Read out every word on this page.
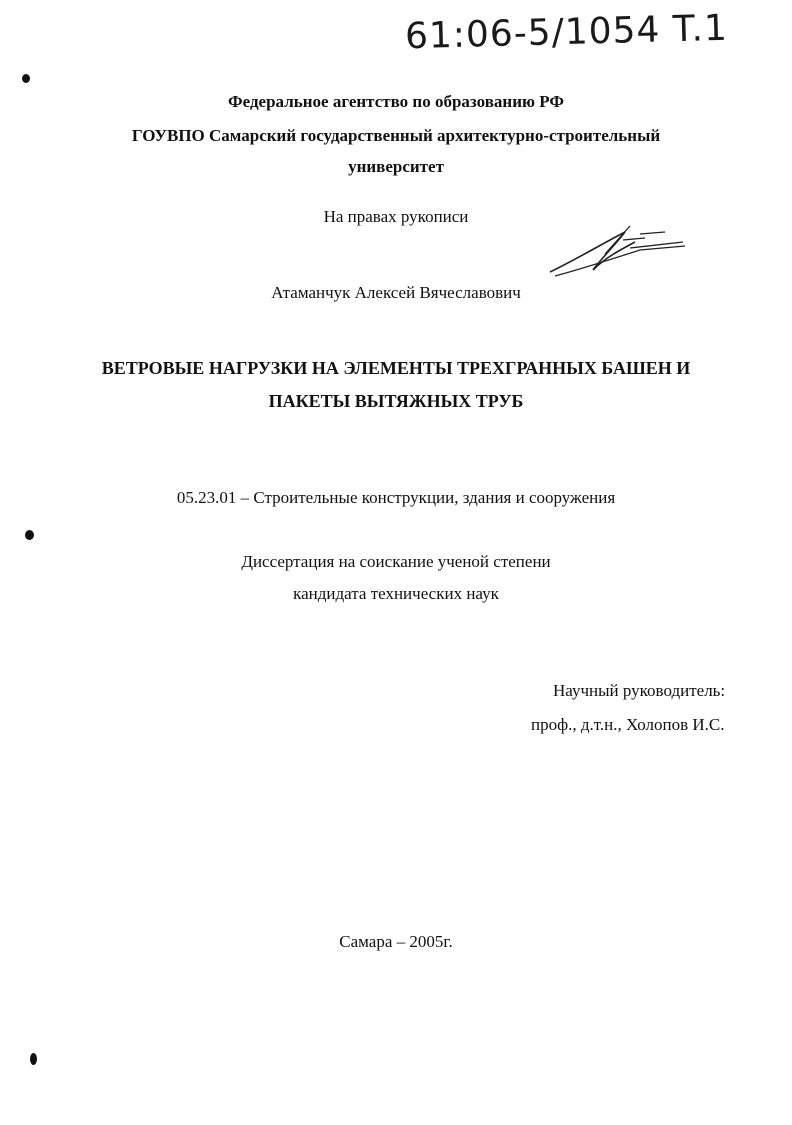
61:06-5/1054 T.1
Федеральное агентство по образованию РФ
ГОУВПО Самарский государственный архитектурно-строительный
университет
На правах рукописи
Атаманчук Алексей Вячеславович
ВЕТРОВЫЕ НАГРУЗКИ НА ЭЛЕМЕНТЫ ТРЕХГРАННЫХ БАШЕН И
ПАКЕТЫ ВЫТЯЖНЫХ ТРУБ
05.23.01 – Строительные конструкции, здания и сооружения
Диссертация на соискание ученой степени
кандидата технических наук
Научный руководитель:
проф., д.т.н., Холопов И.С.
Самара – 2005г.
